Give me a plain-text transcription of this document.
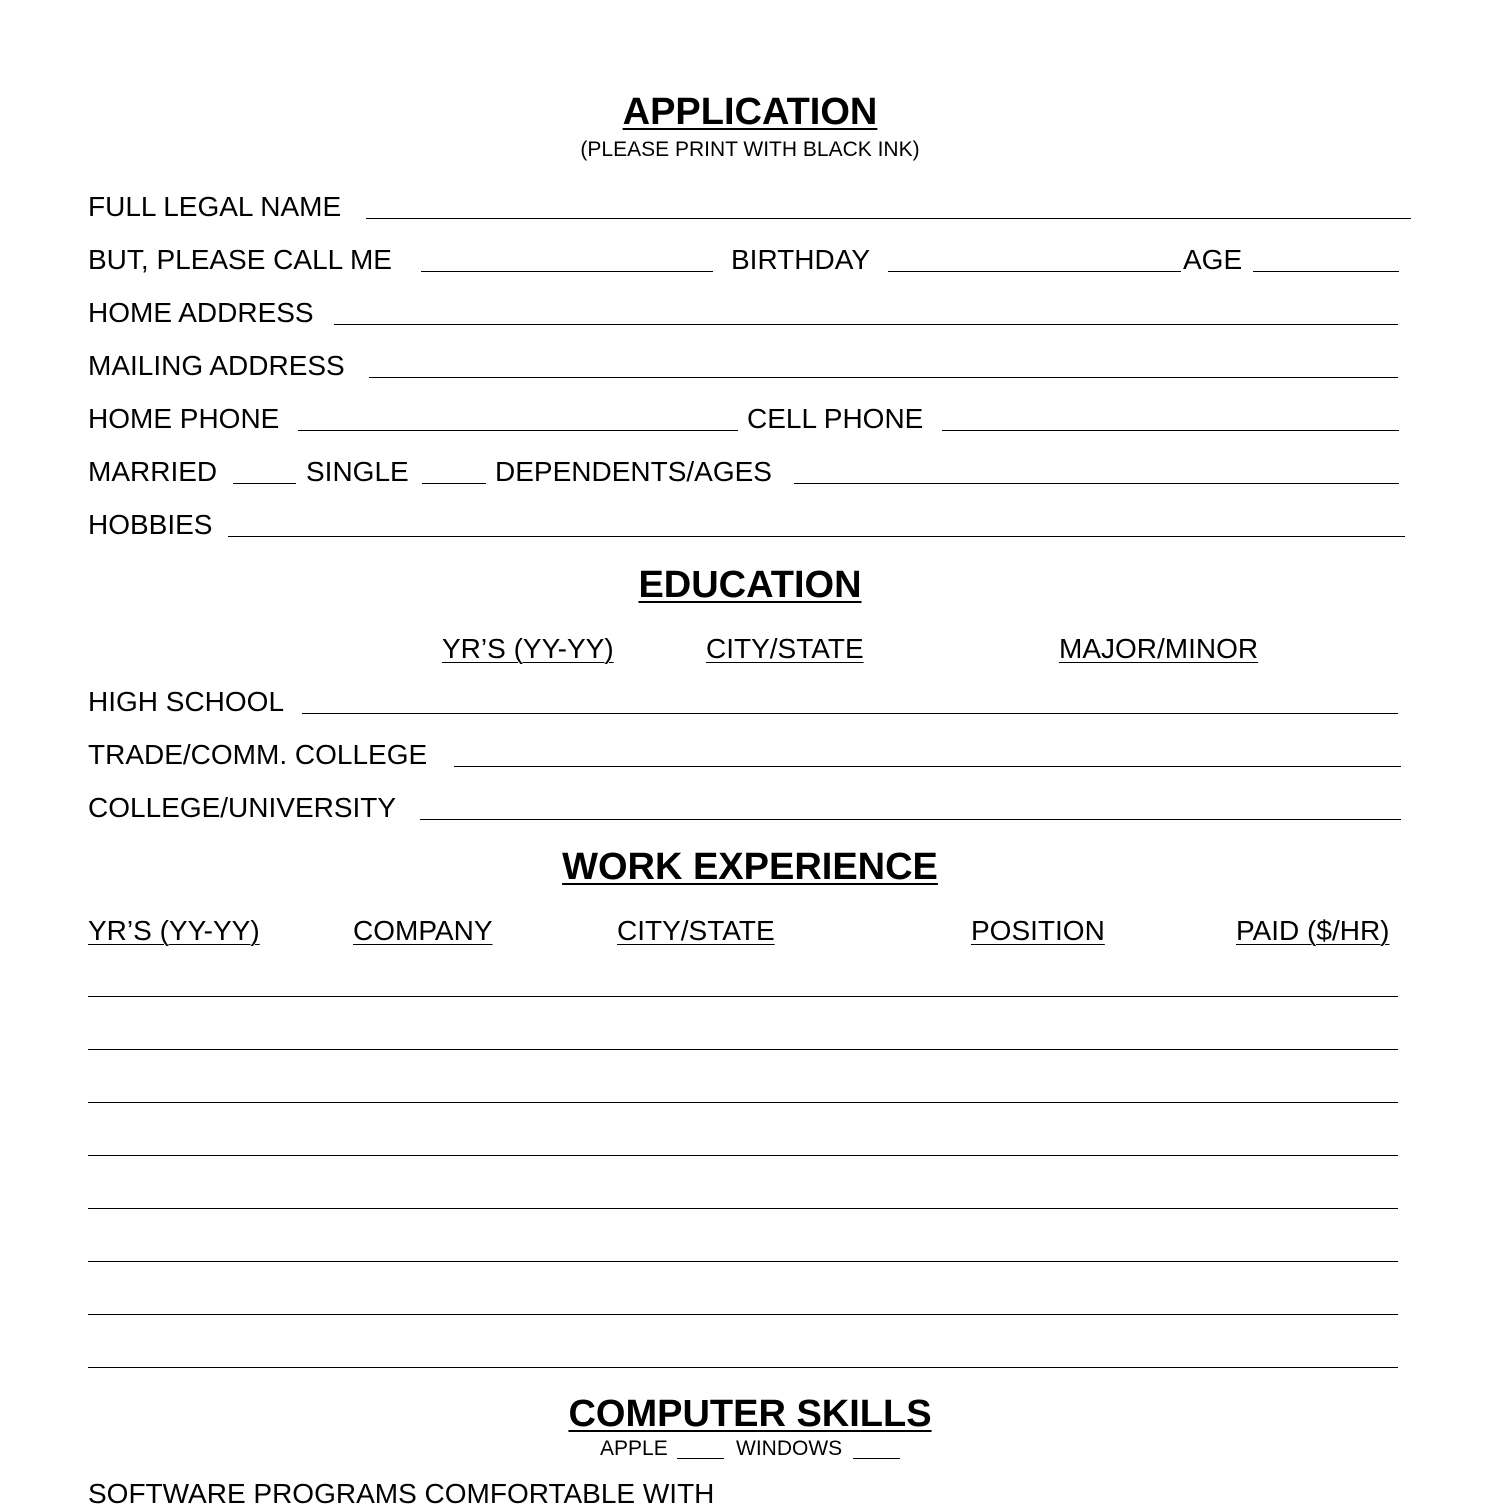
APPLICATION
(PLEASE PRINT WITH BLACK INK)
FULL LEGAL NAME
BUT, PLEASE CALL ME	BIRTHDAY	AGE
HOME ADDRESS
MAILING ADDRESS
HOME PHONE	CELL PHONE
MARRIED	SINGLE	DEPENDENTS/AGES
HOBBIES
EDUCATION
YR’S (YY-YY)	CITY/STATE	MAJOR/MINOR
HIGH SCHOOL
TRADE/COMM. COLLEGE
COLLEGE/UNIVERSITY
WORK EXPERIENCE
YR’S (YY-YY)	COMPANY	CITY/STATE	POSITION	PAID ($/HR)
COMPUTER SKILLS
APPLE	WINDOWS
SOFTWARE PROGRAMS COMFORTABLE WITH
